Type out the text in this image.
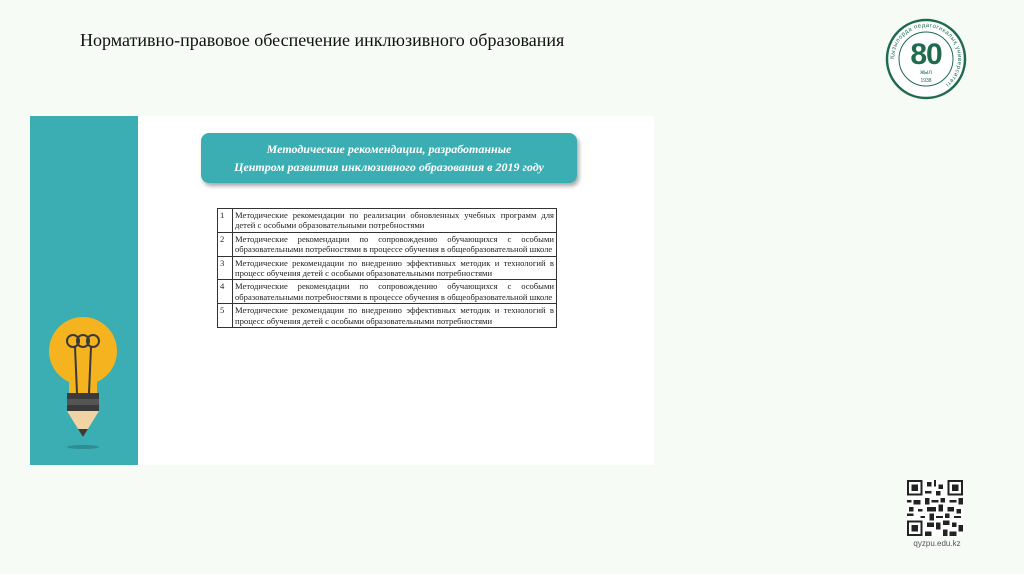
Нормативно-правовое обеспечение инклюзивного образования
Қызылорда педагогикалық университеті
1938
80
жыл
Методические рекомендации, разработанные
Центром развития инклюзивного образования в 2019 году
1	Методические рекомендации по реализации обновленных учебных программ для детей с особыми образовательными потребностями
2	Методические рекомендации по сопровождению обучающихся с особыми образовательными потребностями в процессе обучения в общеобразовательной школе
3	Методические рекомендации по внедрению эффективных методик и технологий в процесс обучения детей с особыми образовательными потребностями
4	Методические рекомендации по сопровождению обучающихся с особыми образовательными потребностями в процессе обучения в общеобразовательной школе
5	Методические рекомендации по внедрению эффективных методик и технологий в процесс обучения детей с особыми образовательными потребностями
qyzpu.edu.kz
